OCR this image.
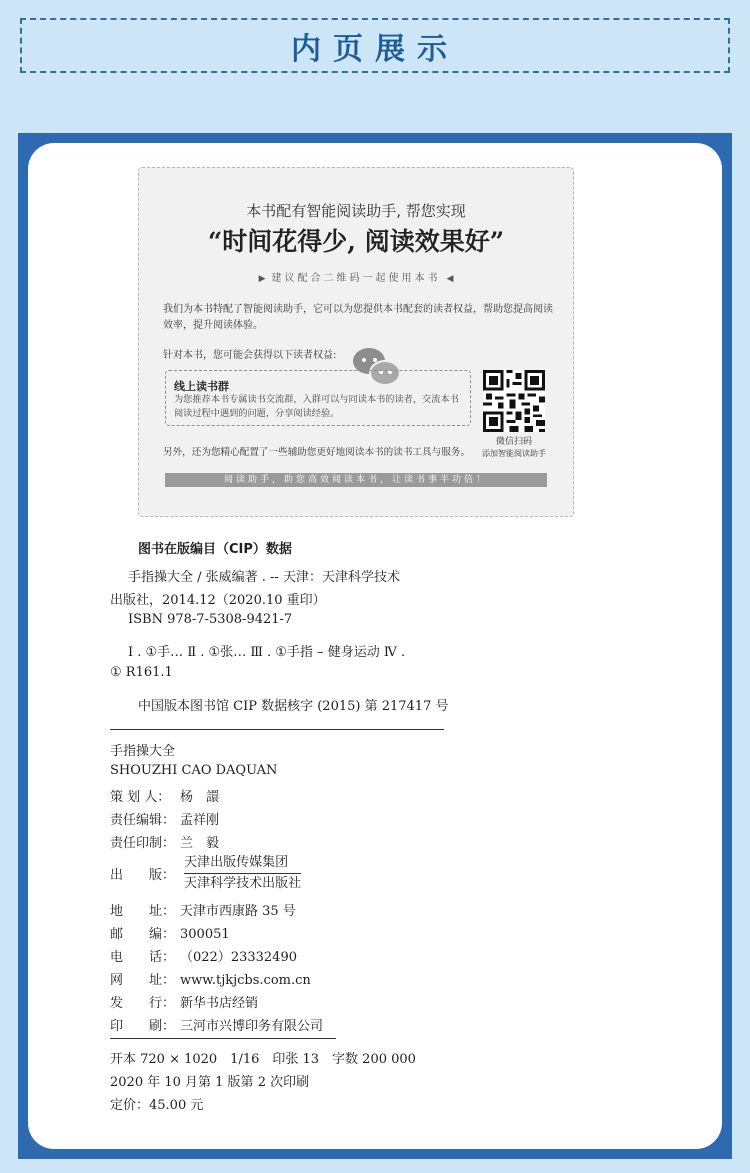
内页展示
本书配有智能阅读助手, 帮您实现
“时间花得少, 阅读效果好”
▶ 建议配合二维码一起使用本书 ◀
我们为本书特配了智能阅读助手，它可以为您提供本书配套的读者权益，帮助您提高阅读效率，提升阅读体验。
针对本书，您可能会获得以下读者权益:
线上读书群
为您推荐本书专属读书交流群，入群可以与同读本书的读者，交流本书阅读过程中遇到的问题，分享阅读经验。
微信扫码
添加智能阅读助手
另外，还为您精心配置了一些辅助您更好地阅读本书的读书工具与服务。
阅读助手，助您高效阅读本书，让读书事半功倍！
图书在版编目（CIP）数据
手指操大全 / 张威编著 . -- 天津：天津科学技术
出版社，2014.12（2020.10 重印）
ISBN 978-7-5308-9421-7
Ⅰ . ①手… Ⅱ . ①张… Ⅲ . ①手指 – 健身运动 Ⅳ .
① R161.1
中国版本图书馆 CIP 数据核字 (2015) 第 217417 号
手指操大全
SHOUZHI CAO DAQUAN
策 划 人： 杨　譞
责任编辑： 孟祥刚
责任印制： 兰　毅
出　　版：
天津出版传媒集团
天津科学技术出版社
地　　址： 天津市西康路 35 号
邮　　编： 300051
电　　话： （022）23332490
网　　址： www.tjkjcbs.com.cn
发　　行： 新华书店经销
印　　刷： 三河市兴博印务有限公司
开本 720 × 1020　1/16　印张 13　字数 200 000
2020 年 10 月第 1 版第 2 次印刷
定价：45.00 元
